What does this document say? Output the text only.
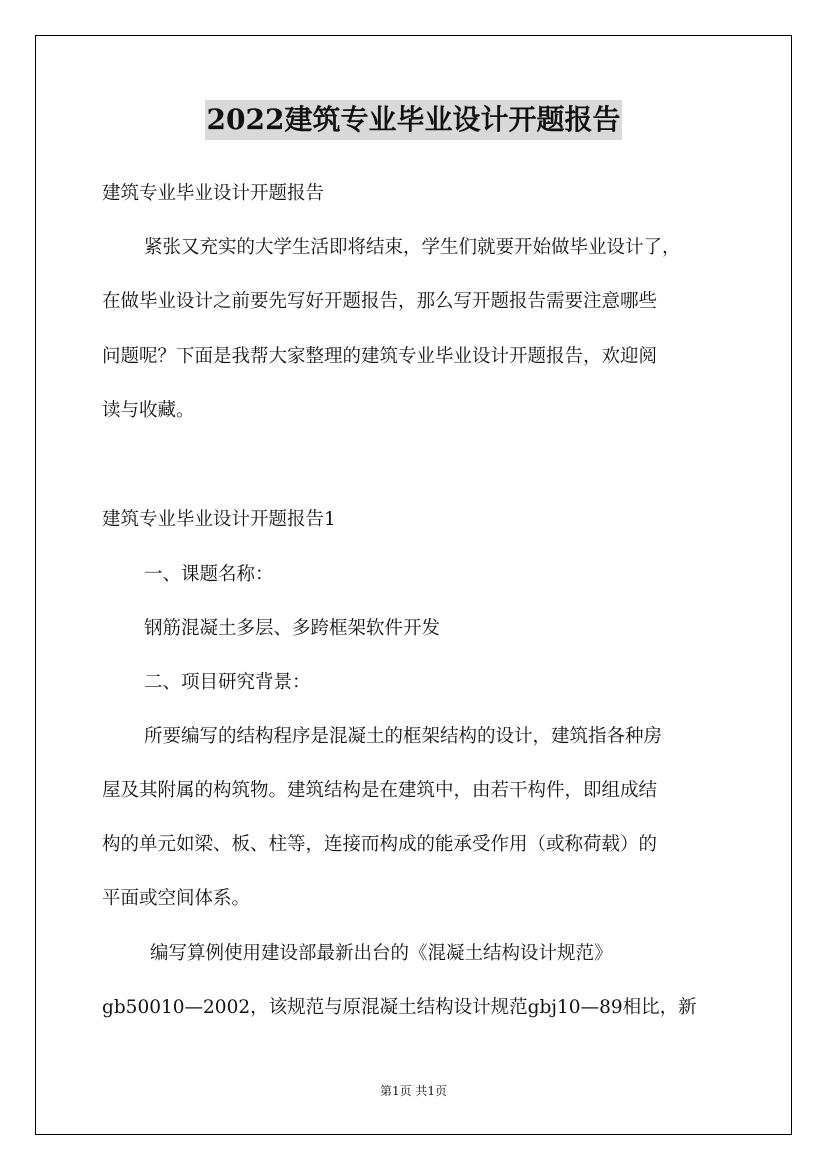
2022建筑专业毕业设计开题报告
建筑专业毕业设计开题报告
紧张又充实的大学生活即将结束，学生们就要开始做毕业设计了，
在做毕业设计之前要先写好开题报告，那么写开题报告需要注意哪些
问题呢？下面是我帮大家整理的建筑专业毕业设计开题报告，欢迎阅
读与收藏。
建筑专业毕业设计开题报告1
一、课题名称：
钢筋混凝土多层、多跨框架软件开发
二、项目研究背景：
所要编写的结构程序是混凝土的框架结构的设计，建筑指各种房
屋及其附属的构筑物。建筑结构是在建筑中，由若干构件，即组成结
构的单元如梁、板、柱等，连接而构成的能承受作用（或称荷载）的
平面或空间体系。
编写算例使用建设部最新出台的《混凝土结构设计规范》
gb50010—2002，该规范与原混凝土结构设计规范gbj10—89相比，新
第1页 共1页
